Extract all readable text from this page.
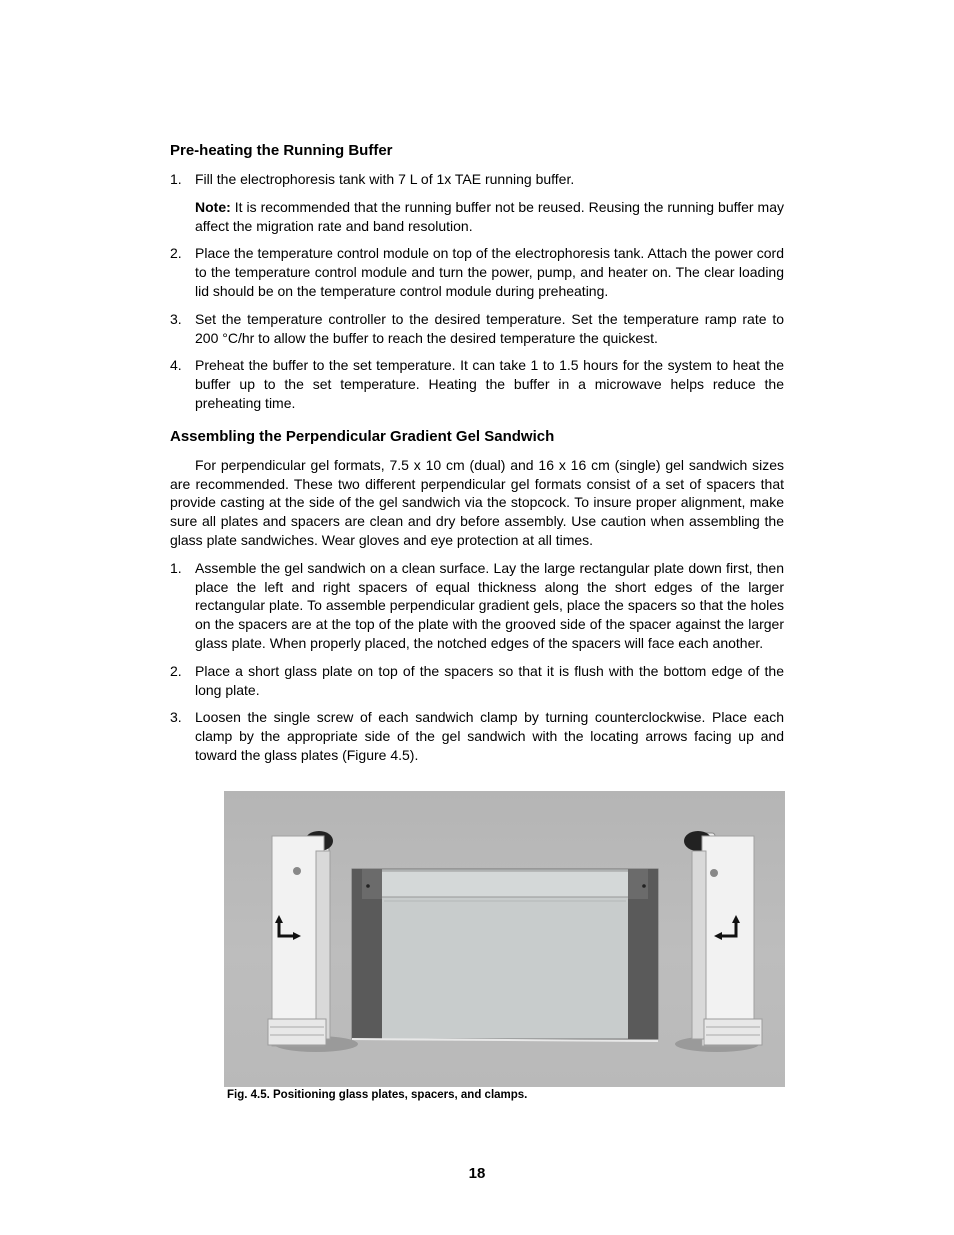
Pre-heating the Running Buffer
1. Fill the electrophoresis tank with 7 L of 1x TAE running buffer.
Note: It is recommended that the running buffer not be reused. Reusing the running buffer may affect the migration rate and band resolution.
2. Place the temperature control module on top of the electrophoresis tank. Attach the power cord to the temperature control module and turn the power, pump, and heater on. The clear loading lid should be on the temperature control module during preheating.
3. Set the temperature controller to the desired temperature. Set the temperature ramp rate to 200 °C/hr to allow the buffer to reach the desired temperature the quickest.
4. Preheat the buffer to the set temperature. It can take 1 to 1.5 hours for the system to heat the buffer up to the set temperature. Heating the buffer in a microwave helps reduce the preheating time.
Assembling the Perpendicular Gradient Gel Sandwich

For perpendicular gel formats, 7.5 x 10 cm (dual) and 16 x 16 cm (single) gel sandwich sizes are recommended. These two different perpendicular gel formats consist of a set of spacers that provide casting at the side of the gel sandwich via the stopcock. To insure proper alignment, make sure all plates and spacers are clean and dry before assembly. Use caution when assembling the glass plate sandwiches. Wear gloves and eye protection at all times.

1. Assemble the gel sandwich on a clean surface. Lay the large rectangular plate down first, then place the left and right spacers of equal thickness along the short edges of the larger rectangular plate. To assemble perpendicular gradient gels, place the spacers so that the holes on the spacers are at the top of the plate with the grooved side of the spacer against the larger glass plate. When properly placed, the notched edges of the spacers will face each another.
2. Place a short glass plate on top of the spacers so that it is flush with the bottom edge of the long plate.
3. Loosen the single screw of each sandwich clamp by turning counterclockwise. Place each clamp by the appropriate side of the gel sandwich with the locating arrows facing up and toward the glass plates (Figure 4.5).
Fig. 4.5. Positioning glass plates, spacers, and clamps.
18
